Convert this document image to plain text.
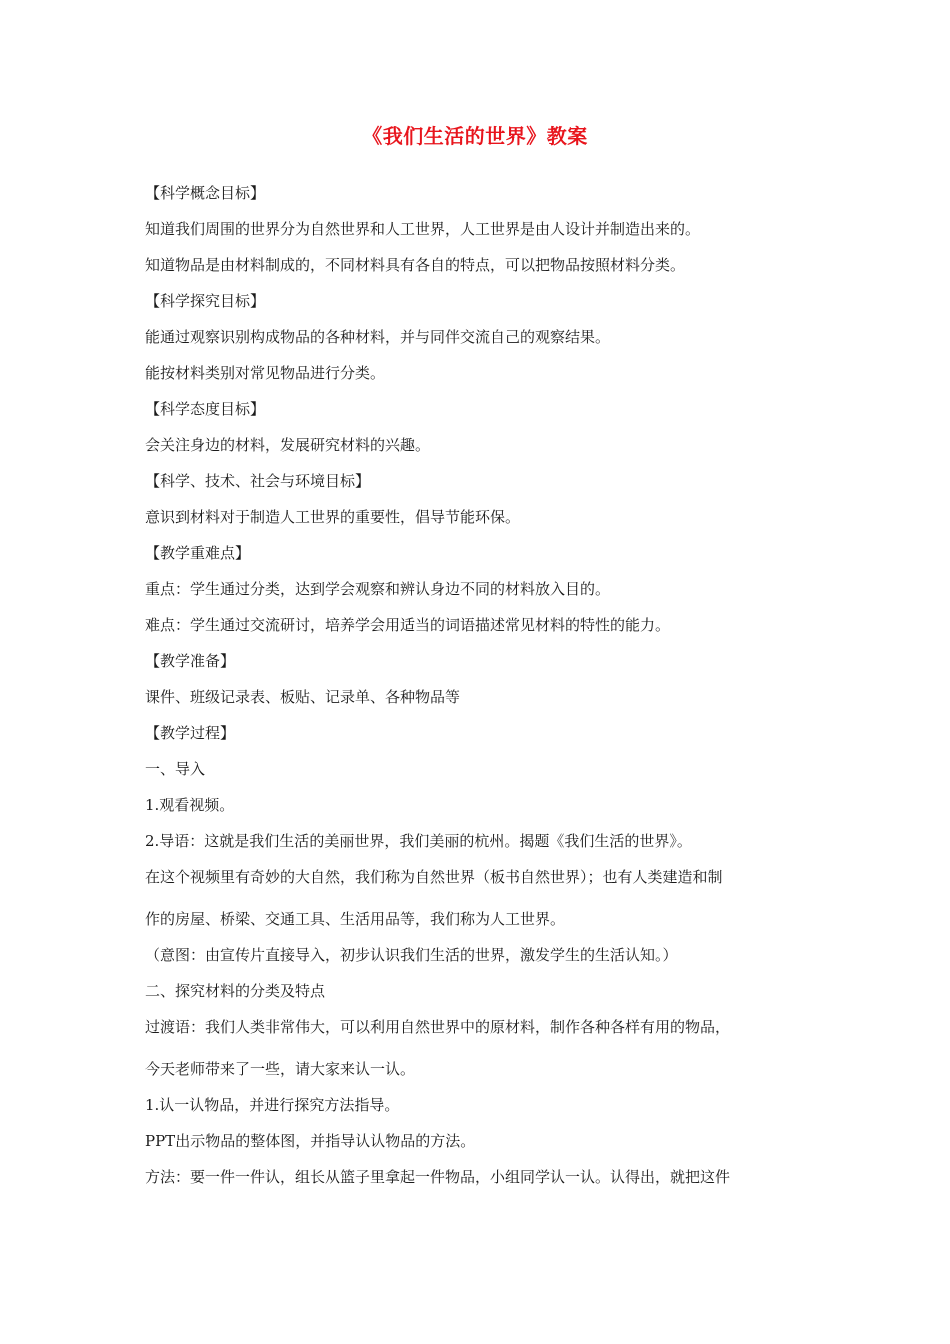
《我们生活的世界》教案
【科学概念目标】
知道我们周围的世界分为自然世界和人工世界，人工世界是由人设计并制造出来的。
知道物品是由材料制成的，不同材料具有各自的特点，可以把物品按照材料分类。
【科学探究目标】
能通过观察识别构成物品的各种材料，并与同伴交流自己的观察结果。
能按材料类别对常见物品进行分类。
【科学态度目标】
会关注身边的材料，发展研究材料的兴趣。
【科学、技术、社会与环境目标】
意识到材料对于制造人工世界的重要性，倡导节能环保。
【教学重难点】
重点：学生通过分类，达到学会观察和辨认身边不同的材料放入目的。
难点：学生通过交流研讨，培养学会用适当的词语描述常见材料的特性的能力。
【教学准备】
课件、班级记录表、板贴、记录单、各种物品等
【教学过程】
一、导入
1.观看视频。
2.导语：这就是我们生活的美丽世界，我们美丽的杭州。揭题《我们生活的世界》。
在这个视频里有奇妙的大自然，我们称为自然世界（板书自然世界）；也有人类建造和制
作的房屋、桥梁、交通工具、生活用品等，我们称为人工世界。
（意图：由宣传片直接导入，初步认识我们生活的世界，激发学生的生活认知。）
二、探究材料的分类及特点
过渡语：我们人类非常伟大，可以利用自然世界中的原材料，制作各种各样有用的物品，
今天老师带来了一些，请大家来认一认。
1.认一认物品，并进行探究方法指导。
PPT出示物品的整体图，并指导认认物品的方法。
方法：要一件一件认，组长从篮子里拿起一件物品，小组同学认一认。认得出，就把这件
